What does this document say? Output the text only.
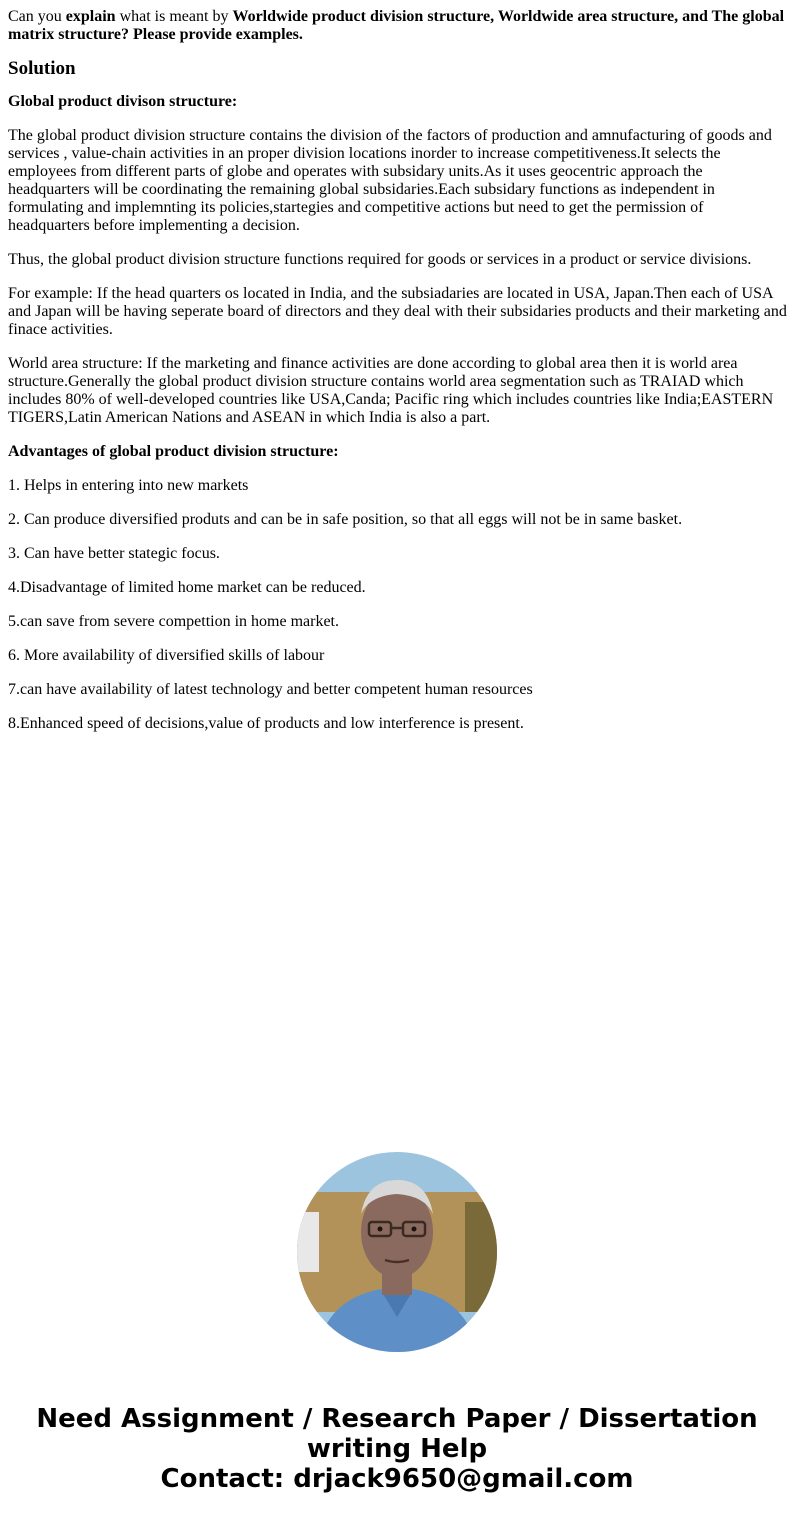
Can you explain what is meant by Worldwide product division structure, Worldwide area structure, and The global matrix structure? Please provide examples.
Solution

Global product divison structure:

The global product division structure contains the division of the factors of production and amnufacturing of goods and services , value-chain activities in an proper division locations inorder to increase competitiveness.It selects the employees from different parts of globe and operates with subsidary units.As it uses geocentric approach the headquarters will be coordinating the remaining global subsidaries.Each subsidary functions as independent in formulating and implemnting its policies,startegies and competitive actions but need to get the permission of headquarters before implementing a decision.

Thus, the global product division structure functions required for goods or services in a product or service divisions.

For example: If the head quarters os located in India, and the subsiadaries are located in USA, Japan.Then each of USA and Japan will be having seperate board of directors and they deal with their subsidaries products and their marketing and finace activities.

World area structure: If the marketing and finance activities are done according to global area then it is world area structure.Generally the global product division structure contains world area segmentation such as TRAIAD which includes 80% of well-developed countries like USA,Canda; Pacific ring which includes countries like India;EASTERN TIGERS,Latin American Nations and ASEAN in which India is also a part.

Advantages of global product division structure:

1. Helps in entering into new markets

2. Can produce diversified produts and can be in safe position, so that all eggs will not be in same basket.

3. Can have better stategic focus.

4.Disadvantage of limited home market can be reduced.

5.can save from severe compettion in home market.

6. More availability of diversified skills of labour

7.can have availability of latest technology and better competent human resources

8.Enhanced speed of decisions,value of products and low interference is present.

Need Assignment / Research Paper / Dissertation
writing Help
Contact: drjack9650@gmail.com
